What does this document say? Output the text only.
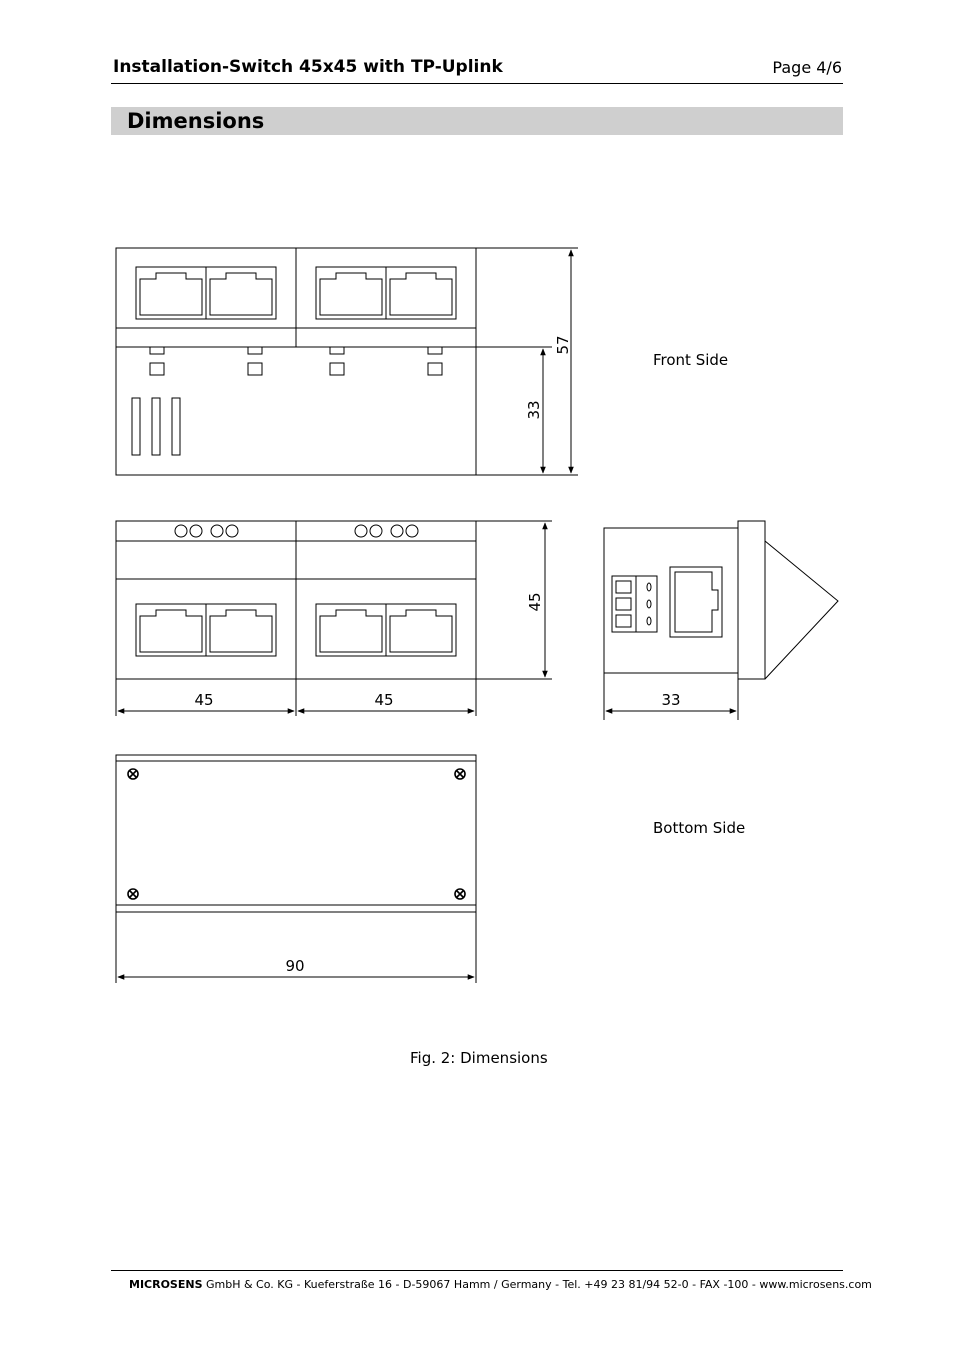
Installation-Switch 45x45 with TP-Uplink	Page 4/6
Dimensions
57
33
45
45	45	33
90
Front Side
Bottom Side
Fig. 2: Dimensions
MICROSENS GmbH & Co. KG - Kueferstraße 16 - D-59067 Hamm / Germany - Tel. +49 23 81/94 52-0 - FAX -100 - www.microsens.com
